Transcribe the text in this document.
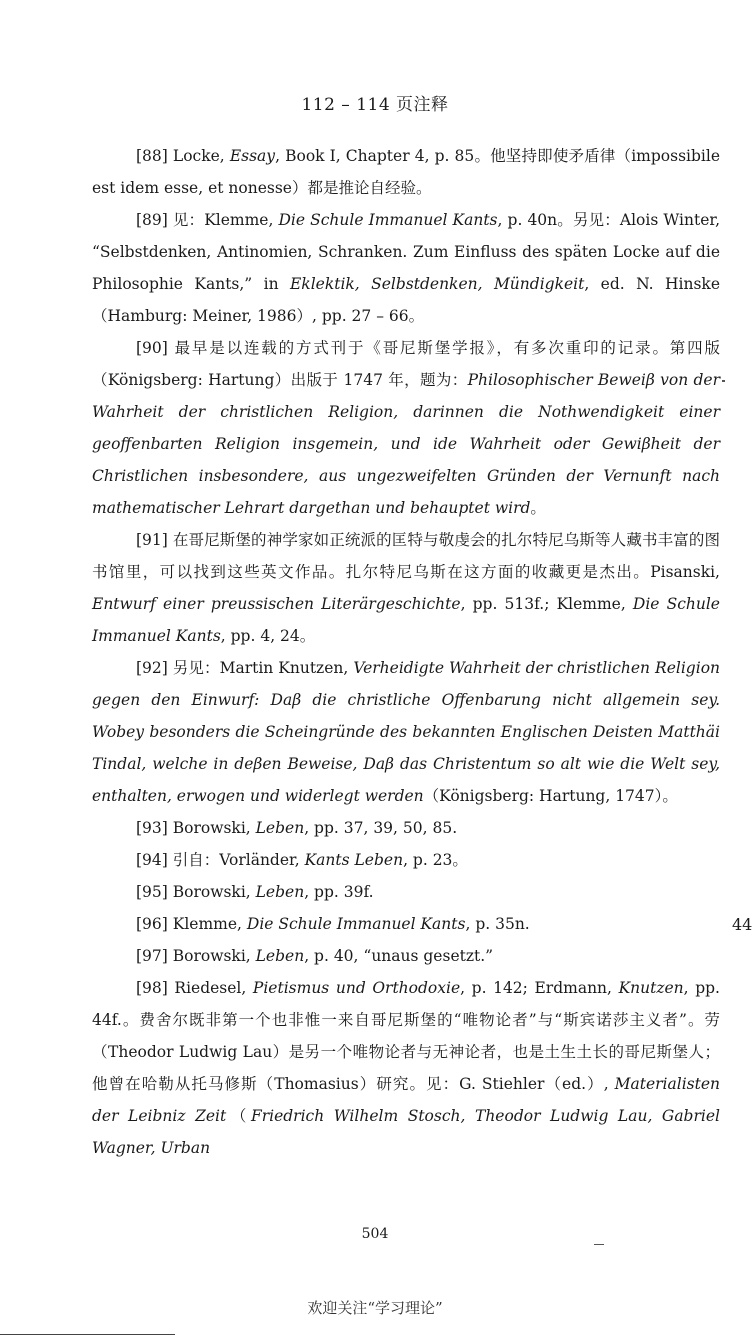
112 – 114 页注释

[88] Locke, Essay, Book I, Chapter 4, p. 85。他坚持即使矛盾律（impossibile est idem esse, et nonesse）都是推论自经验。

[89] 见：Klemme, Die Schule Immanuel Kants, p. 40n。另见：Alois Winter, “Selbstdenken, Antinomien, Schranken. Zum Einfluss des späten Locke auf die Philosophie Kants,” in Eklektik, Selbstdenken, Mündigkeit, ed. N. Hinske（Hamburg: Meiner, 1986）, pp. 27 – 66。

[90] 最早是以连载的方式刊于《哥尼斯堡学报》，有多次重印的记录。第四版（Königsberg: Hartung）出版于 1747 年，题为：Philosophischer Beweiβ von der Wahrheit der christlichen Religion, darinnen die Nothwendigkeit einer geoffenbarten Religion insgemein, und ide Wahrheit oder Gewiβheit der Christlichen insbesondere, aus ungezweifelten Gründen der Vernunft nach mathematischer Lehrart dargethan und behauptet wird。

[91] 在哥尼斯堡的神学家如正统派的匡特与敬虔会的扎尔特尼乌斯等人藏书丰富的图书馆里，可以找到这些英文作品。扎尔特尼乌斯在这方面的收藏更是杰出。Pisanski, Entwurf einer preussischen Literärgeschichte, pp. 513f.; Klemme, Die Schule Immanuel Kants, pp. 4, 24。

[92] 另见：Martin Knutzen, Verheidigte Wahrheit der christlichen Religion gegen den Einwurf: Daβ die christliche Offenbarung nicht allgemein sey. Wobey besonders die Scheingründe des bekannten Englischen Deisten Matthäi Tindal, welche in deβen Beweise, Daβ das Christentum so alt wie die Welt sey, enthalten, erwogen und widerlegt werden（Königsberg: Hartung, 1747）。

[93] Borowski, Leben, pp. 37, 39, 50, 85.

[94] 引自：Vorländer, Kants Leben, p. 23。

[95] Borowski, Leben, pp. 39f.

[96] Klemme, Die Schule Immanuel Kants, p. 35n.

[97] Borowski, Leben, p. 40, “unaus gesetzt.”

[98] Riedesel, Pietismus und Orthodoxie, p. 142; Erdmann, Knutzen, pp. 44f.。费舍尔既非第一个也非惟一来自哥尼斯堡的“唯物论者”与“斯宾诺莎主义者”。劳（Theodor Ludwig Lau）是另一个唯物论者与无神论者，也是土生土长的哥尼斯堡人；他曾在哈勒从托马修斯（Thomasius）研究。见：G. Stiehler（ed.）, Materialisten der Leibniz Zeit（Friedrich Wilhelm Stosch, Theodor Ludwig Lau, Gabriel Wagner, Urban

44
504
欢迎关注“学习理论”
